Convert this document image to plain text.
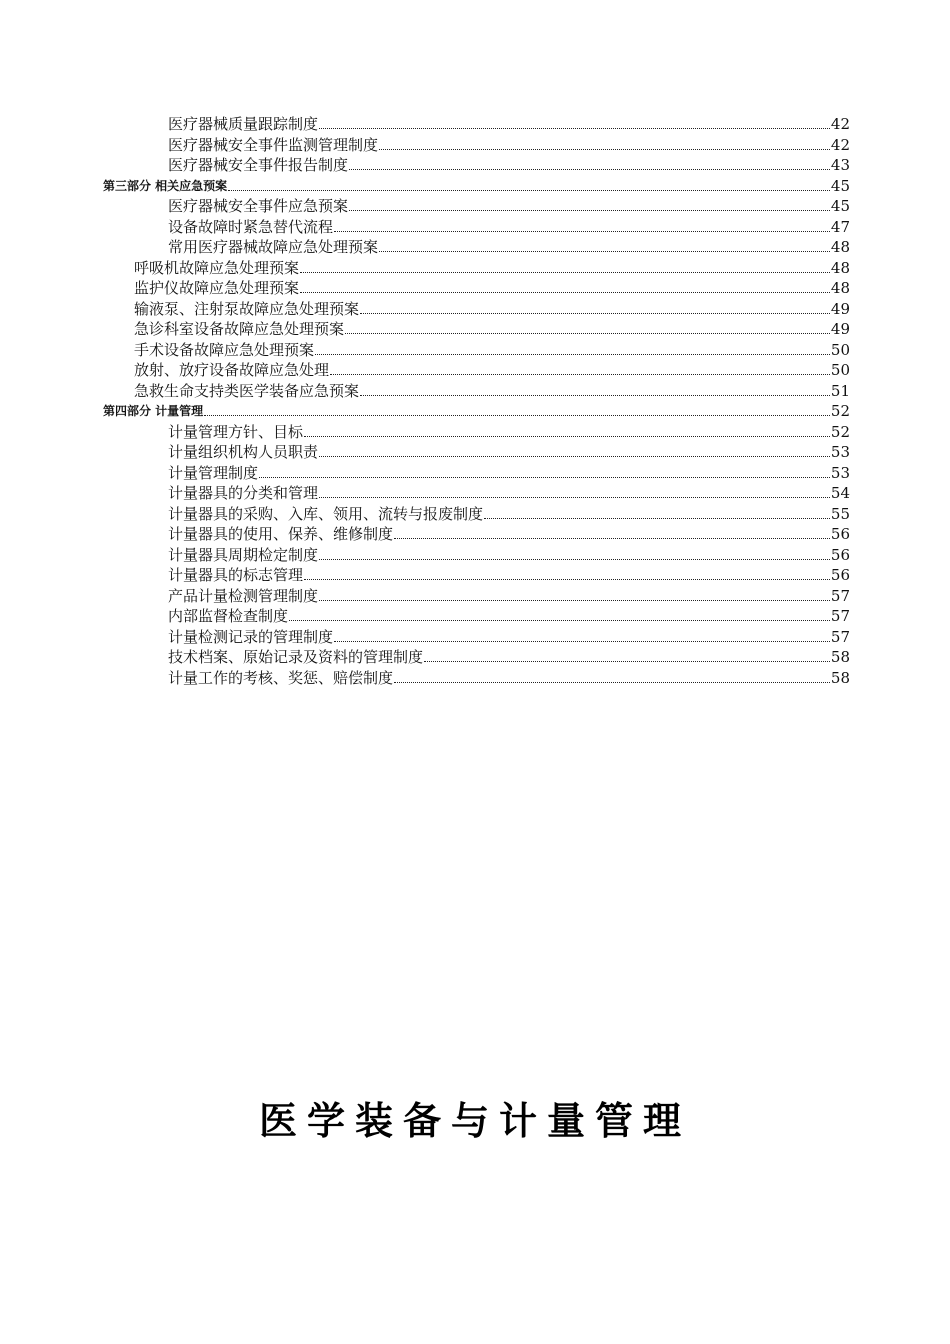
医疗器械质量跟踪制度	42
医疗器械安全事件监测管理制度	42
医疗器械安全事件报告制度	43
第三部分 相关应急预案	45
医疗器械安全事件应急预案	45
设备故障时紧急替代流程	47
常用医疗器械故障应急处理预案	48
呼吸机故障应急处理预案	48
监护仪故障应急处理预案	48
输液泵、注射泵故障应急处理预案	49
急诊科室设备故障应急处理预案	49
手术设备故障应急处理预案	50
放射、放疗设备故障应急处理	50
急救生命支持类医学装备应急预案	51
第四部分 计量管理	52
计量管理方针、目标	52
计量组织机构人员职责	53
计量管理制度	53
计量器具的分类和管理	54
计量器具的采购、入库、领用、流转与报废制度	55
计量器具的使用、保养、维修制度	56
计量器具周期检定制度	56
计量器具的标志管理	56
产品计量检测管理制度	57
内部监督检查制度	57
计量检测记录的管理制度	57
技术档案、原始记录及资料的管理制度	58
计量工作的考核、奖惩、赔偿制度	58
医学装备与计量管理
